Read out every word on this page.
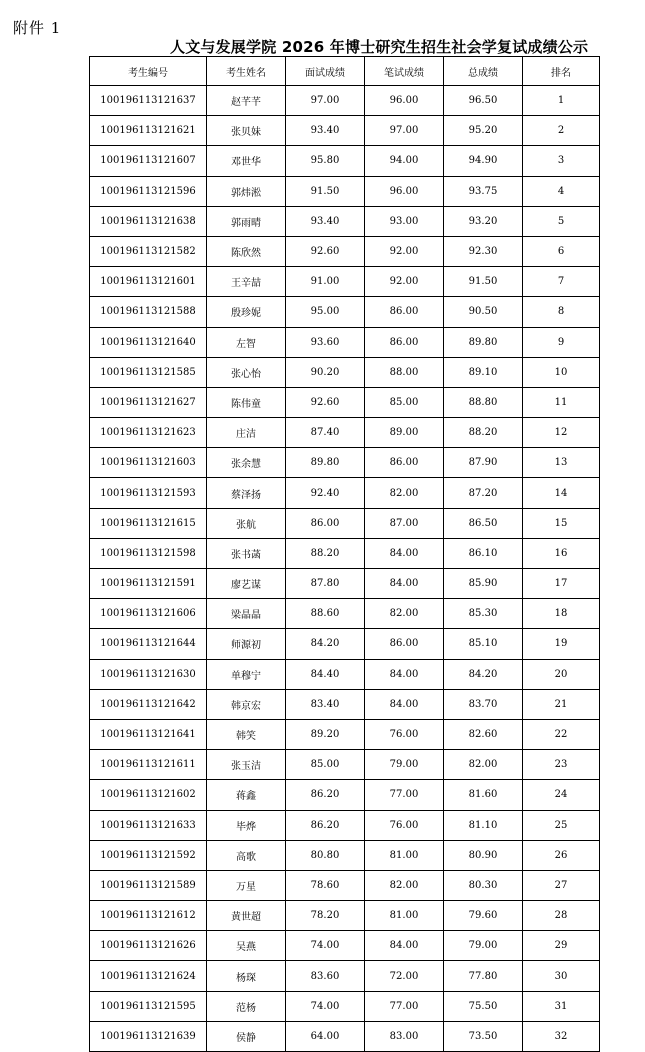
附件 1
人文与发展学院 2026 年博士研究生招生社会学复试成绩公示
考生编号	考生姓名	面试成绩	笔试成绩	总成绩	排名
100196113121637	赵芊芊	97.00	96.00	96.50	1
100196113121621	张贝妹	93.40	97.00	95.20	2
100196113121607	邓世华	95.80	94.00	94.90	3
100196113121596	郭炜淞	91.50	96.00	93.75	4
100196113121638	郭雨晴	93.40	93.00	93.20	5
100196113121582	陈欣然	92.60	92.00	92.30	6
100196113121601	王辛喆	91.00	92.00	91.50	7
100196113121588	殷珍妮	95.00	86.00	90.50	8
100196113121640	左智	93.60	86.00	89.80	9
100196113121585	张心怡	90.20	88.00	89.10	10
100196113121627	陈伟童	92.60	85.00	88.80	11
100196113121623	庄洁	87.40	89.00	88.20	12
100196113121603	张余慧	89.80	86.00	87.90	13
100196113121593	蔡泽扬	92.40	82.00	87.20	14
100196113121615	张航	86.00	87.00	86.50	15
100196113121598	张书菡	88.20	84.00	86.10	16
100196113121591	廖艺谋	87.80	84.00	85.90	17
100196113121606	梁晶晶	88.60	82.00	85.30	18
100196113121644	师源初	84.20	86.00	85.10	19
100196113121630	单穆宁	84.40	84.00	84.20	20
100196113121642	韩京宏	83.40	84.00	83.70	21
100196113121641	韩笑	89.20	76.00	82.60	22
100196113121611	张玉洁	85.00	79.00	82.00	23
100196113121602	蒋鑫	86.20	77.00	81.60	24
100196113121633	毕烨	86.20	76.00	81.10	25
100196113121592	高歌	80.80	81.00	80.90	26
100196113121589	万星	78.60	82.00	80.30	27
100196113121612	黄世超	78.20	81.00	79.60	28
100196113121626	吴燕	74.00	84.00	79.00	29
100196113121624	杨琛	83.60	72.00	77.80	30
100196113121595	范杨	74.00	77.00	75.50	31
100196113121639	侯静	64.00	83.00	73.50	32
